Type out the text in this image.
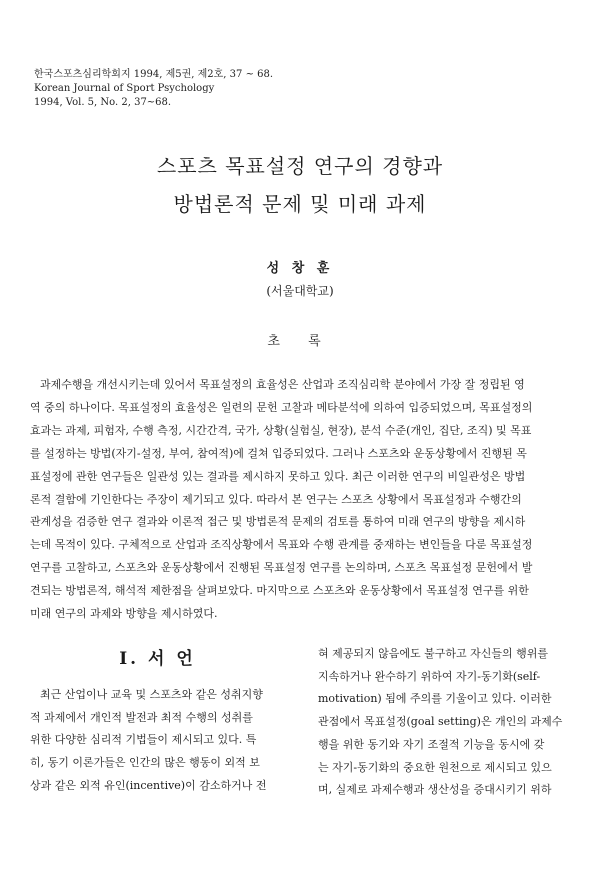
한국스포츠심리학회지 1994, 제5권, 제2호, 37 ~ 68.
Korean Journal of Sport Psychology
1994, Vol. 5, No. 2, 37~68.
스포츠 목표설정 연구의 경향과
방법론적 문제 및 미래 과제
성 창 훈
(서울대학교)
초 록
과제수행을 개선시키는데 있어서 목표설정의 효율성은 산업과 조직심리학 분야에서 가장 잘 정립된 영
역 중의 하나이다. 목표설정의 효율성은 일련의 문헌 고찰과 메타분석에 의하여 입증되었으며, 목표설정의
효과는 과제, 피험자, 수행 측정, 시간간격, 국가, 상황(실험실, 현장), 분석 수준(개인, 집단, 조직) 및 목표
를 설정하는 방법(자기-설정, 부여, 참여적)에 걸쳐 입증되었다. 그러나 스포츠와 운동상황에서 진행된 목
표설정에 관한 연구들은 일관성 있는 결과를 제시하지 못하고 있다. 최근 이러한 연구의 비일관성은 방법
론적 결함에 기인한다는 주장이 제기되고 있다. 따라서 본 연구는 스포츠 상황에서 목표설정과 수행간의
관계성을 검증한 연구 결과와 이론적 접근 및 방법론적 문제의 검토를 통하여 미래 연구의 방향을 제시하
는데 목적이 있다. 구체적으로 산업과 조직상황에서 목표와 수행 관계를 중재하는 변인들을 다룬 목표설정
연구를 고찰하고, 스포츠와 운동상황에서 진행된 목표설정 연구를 논의하며, 스포츠 목표설정 문헌에서 발
견되는 방법론적, 해석적 제한점을 살펴보았다. 마지막으로 스포츠와 운동상황에서 목표설정 연구를 위한
미래 연구의 과제와 방향을 제시하였다.
Ⅰ. 서 언
최근 산업이나 교육 및 스포츠와 같은 성취지향
적 과제에서 개인적 발전과 최적 수행의 성취를
위한 다양한 심리적 기법들이 제시되고 있다. 특
히, 동기 이론가들은 인간의 많은 행동이 외적 보
상과 같은 외적 유인(incentive)이 감소하거나 전
혀 제공되지 않음에도 불구하고 자신들의 행위를
지속하거나 완수하기 위하여 자기-동기화(self-
motivation) 됨에 주의를 기울이고 있다. 이러한
관점에서 목표설정(goal setting)은 개인의 과제수
행을 위한 동기와 자기 조절적 기능을 동시에 갖
는 자기-동기화의 중요한 원천으로 제시되고 있으
며, 실제로 과제수행과 생산성을 증대시키기 위하
